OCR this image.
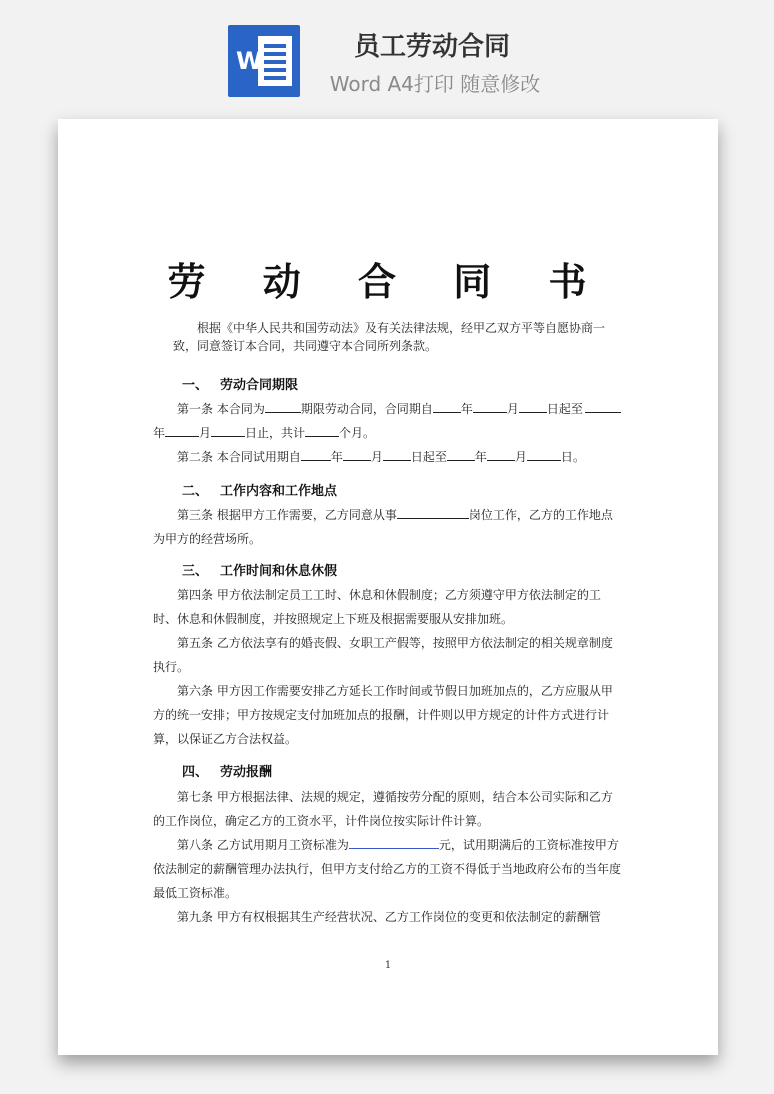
W	员工劳动合同
Word A4打印 随意修改
劳 动 合 同 书
根据《中华人民共和国劳动法》及有关法律法规，经甲乙双方平等自愿协商一致，同意签订本合同，共同遵守本合同所列条款。
一、 劳动合同期限
第一条 本合同为	期限劳动合同，合同期自 年	月 日起至年	月	日止，共计	个月。
第二条 本合同试用期自	年 月 日起至 年 月	日。
二、 工作内容和工作地点
第三条 根据甲方工作需要，乙方同意从事	岗位工作，乙方的工作地点为甲方的经营场所。
三、 工作时间和休息休假
第四条 甲方依法制定员工工时、休息和休假制度；乙方须遵守甲方依法制定的工时、休息和休假制度，并按照规定上下班及根据需要服从安排加班。
第五条 乙方依法享有的婚丧假、女职工产假等，按照甲方依法制定的相关规章制度执行。
第六条 甲方因工作需要安排乙方延长工作时间或节假日加班加点的，乙方应服从甲方的统一安排；甲方按规定支付加班加点的报酬，计件则以甲方规定的计件方式进行计算，以保证乙方合法权益。
四、 劳动报酬
第七条 甲方根据法律、法规的规定，遵循按劳分配的原则，结合本公司实际和乙方的工作岗位，确定乙方的工资水平，计件岗位按实际计件计算。
第八条 乙方试用期月工资标准为	元，试用期满后的工资标准按甲方依法制定的薪酬管理办法执行，但甲方支付给乙方的工资不得低于当地政府公布的当年度最低工资标准。
第九条 甲方有权根据其生产经营状况、乙方工作岗位的变更和依法制定的薪酬管
1
